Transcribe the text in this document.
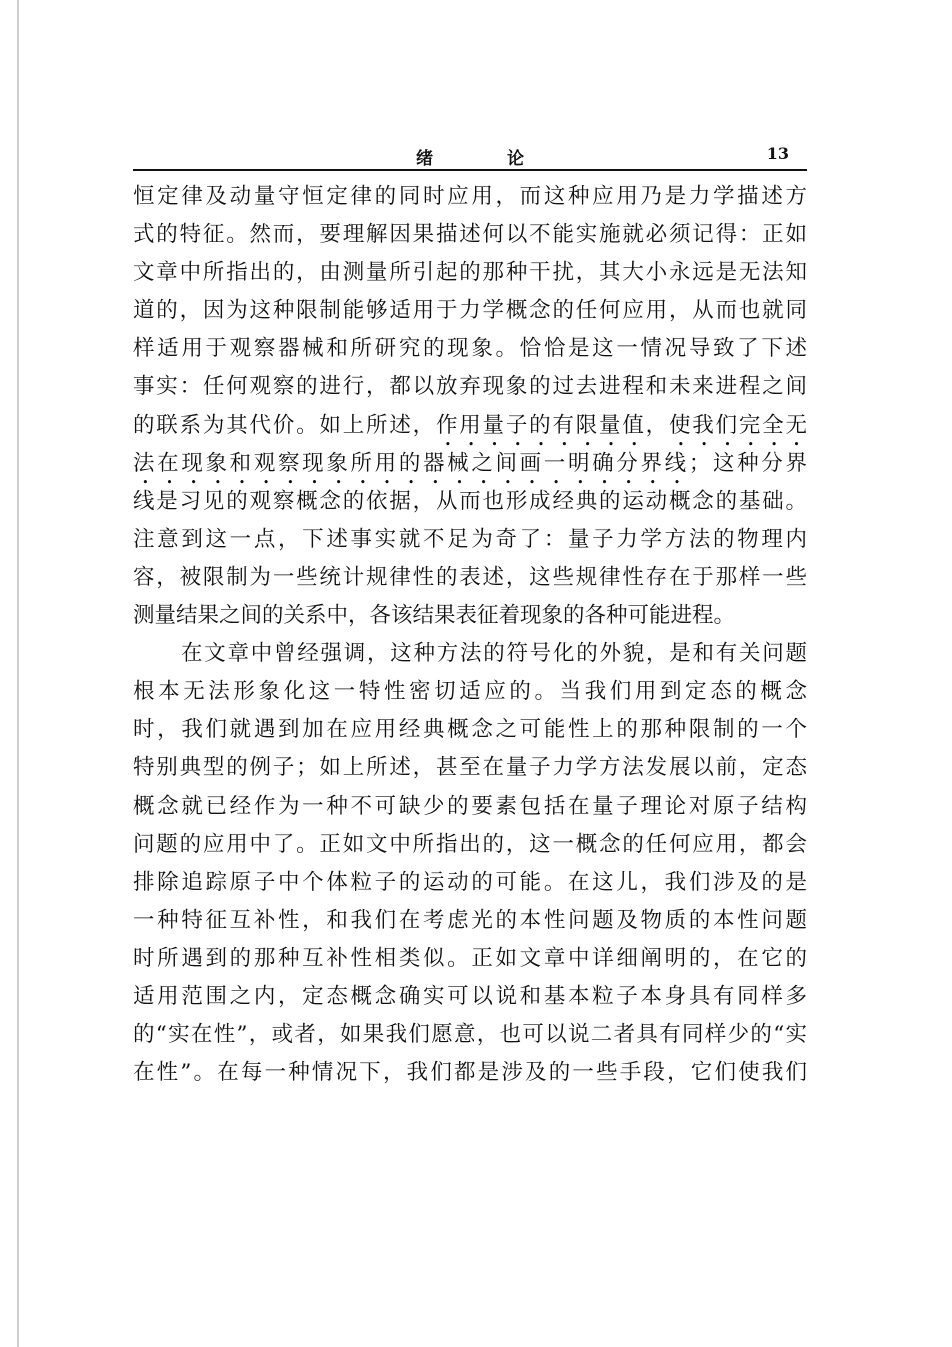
绪 论	13
恒定律及动量守恒定律的同时应用，而这种应用乃是力学描述方
式的特征。然而，要理解因果描述何以不能实施就必须记得：正如
文章中所指出的，由测量所引起的那种干扰，其大小永远是无法知
道的，因为这种限制能够适用于力学概念的任何应用，从而也就同
样适用于观察器械和所研究的现象。恰恰是这一情况导致了下述
事实：任何观察的进行，都以放弃现象的过去进程和未来进程之间
的联系为其代价。如上所述，作用量子的有限量值，使我们完全无
法在现象和观察现象所用的器械之间画一明确分界线；这种分界
线是习见的观察概念的依据，从而也形成经典的运动概念的基础。
注意到这一点，下述事实就不足为奇了：量子力学方法的物理内
容，被限制为一些统计规律性的表述，这些规律性存在于那样一些
测量结果之间的关系中，各该结果表征着现象的各种可能进程。
在文章中曾经强调，这种方法的符号化的外貌，是和有关问题
根本无法形象化这一特性密切适应的。当我们用到定态的概念
时，我们就遇到加在应用经典概念之可能性上的那种限制的一个
特别典型的例子；如上所述，甚至在量子力学方法发展以前，定态
概念就已经作为一种不可缺少的要素包括在量子理论对原子结构
问题的应用中了。正如文中所指出的，这一概念的任何应用，都会
排除追踪原子中个体粒子的运动的可能。在这儿，我们涉及的是
一种特征互补性，和我们在考虑光的本性问题及物质的本性问题
时所遇到的那种互补性相类似。正如文章中详细阐明的，在它的
适用范围之内，定态概念确实可以说和基本粒子本身具有同样多
的“实在性”，或者，如果我们愿意，也可以说二者具有同样少的“实
在性”。在每一种情况下，我们都是涉及的一些手段，它们使我们
